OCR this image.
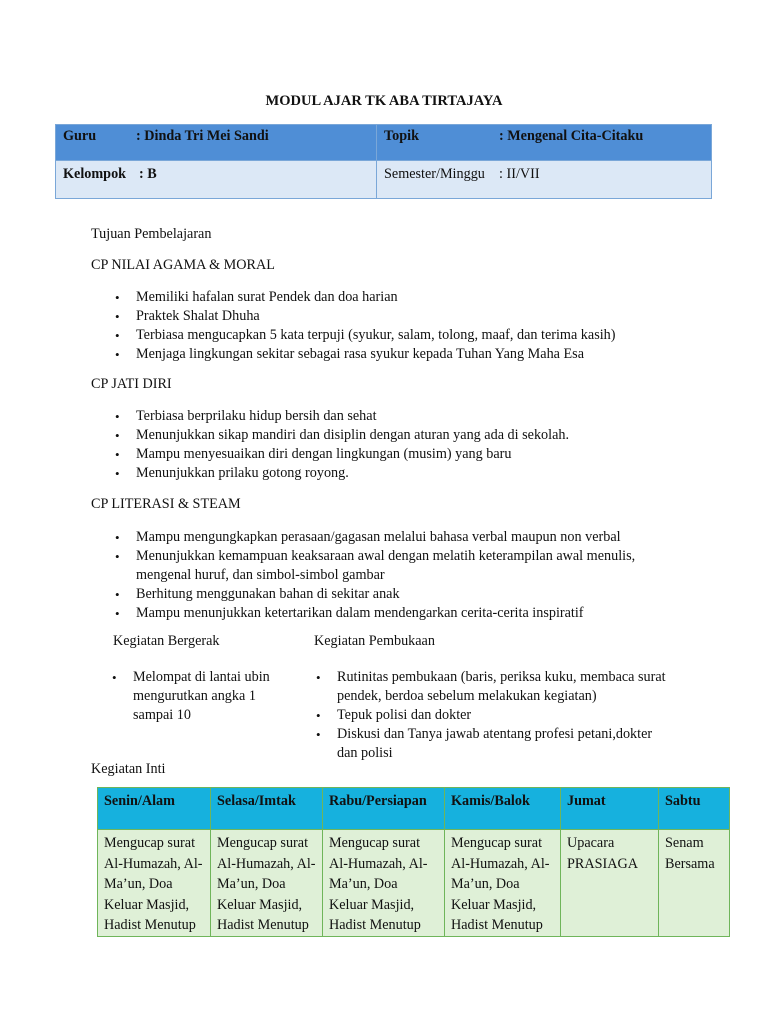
MODUL AJAR TK ABA TIRTAJAYA
Guru : Dinda Tri Mei Sandi	Topik : Mengenal Cita-Citaku
Kelompok : B	Semester/Minggu : II/VII
Tujuan Pembelajaran
CP NILAI AGAMA & MORAL
• Memiliki hafalan surat Pendek dan doa harian
• Praktek Shalat Dhuha
• Terbiasa mengucapkan 5 kata terpuji (syukur, salam, tolong, maaf, dan terima kasih)
• Menjaga lingkungan sekitar sebagai rasa syukur kepada Tuhan Yang Maha Esa
CP JATI DIRI
• Terbiasa berprilaku hidup bersih dan sehat
• Menunjukkan sikap mandiri dan disiplin dengan aturan yang ada di sekolah.
• Mampu menyesuaikan diri dengan lingkungan (musim) yang baru
• Menunjukkan prilaku gotong royong.
CP LITERASI & STEAM
• Mampu mengungkapkan perasaan/gagasan melalui bahasa verbal maupun non verbal
• Menunjukkan kemampuan keaksaraan awal dengan melatih keterampilan awal menulis, mengenal huruf, dan simbol-simbol gambar
• Berhitung menggunakan bahan di sekitar anak
• Mampu menunjukkan ketertarikan dalam mendengarkan cerita-cerita inspiratif
Kegiatan Bergerak
• Melompat di lantai ubin mengurutkan angka 1 sampai 10
Kegiatan Pembukaan
• Rutinitas pembukaan (baris, periksa kuku, membaca surat pendek, berdoa sebelum melakukan kegiatan)
• Tepuk polisi dan dokter
• Diskusi dan Tanya jawab atentang profesi petani,dokter dan polisi
Kegiatan Inti
Senin/Alam	Selasa/Imtak	Rabu/Persiapan	Kamis/Balok	Jumat	Sabtu
Mengucap surat Al-Humazah, Al-Ma’un, Doa Keluar Masjid, Hadist Menutup	Mengucap surat Al-Humazah, Al-Ma’un, Doa Keluar Masjid, Hadist Menutup	Mengucap surat Al-Humazah, Al-Ma’un, Doa Keluar Masjid, Hadist Menutup	Mengucap surat Al-Humazah, Al-Ma’un, Doa Keluar Masjid, Hadist Menutup	Upacara PRASIAGA	Senam Bersama
